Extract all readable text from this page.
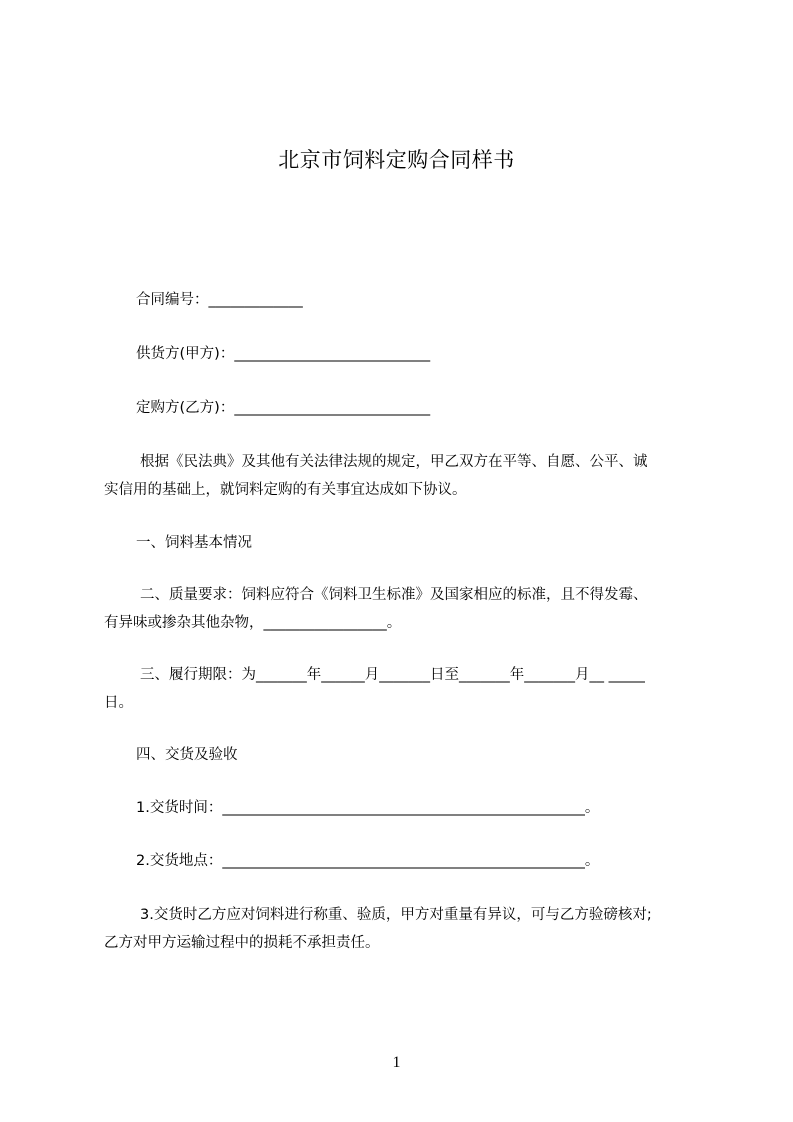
北京市饲料定购合同样书
合同编号：_____________
供货方(甲方)：___________________________
定购方(乙方)：___________________________
根据《民法典》及其他有关法律法规的规定，甲乙双方在平等、自愿、公平、诚
实信用的基础上，就饲料定购的有关事宜达成如下协议。
一、饲料基本情况
二、质量要求：饲料应符合《饲料卫生标准》及国家相应的标准，且不得发霉、
有异味或掺杂其他杂物，_________________。
三、履行期限：为_______年______月_______日至_______年_______月__ _____
日。
四、交货及验收
1.交货时间：__________________________________________________。
2.交货地点：__________________________________________________。
3.交货时乙方应对饲料进行称重、验质，甲方对重量有异议，可与乙方验磅核对;
乙方对甲方运输过程中的损耗不承担责任。
1
